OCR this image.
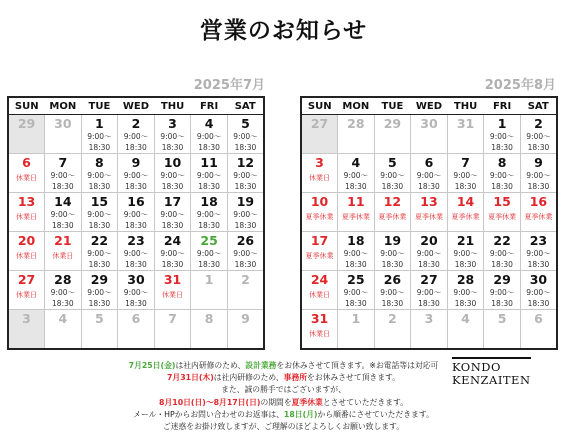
営業のお知らせ
2025年7月	2025年8月
SUN	MON	TUE	WED	THU	FRI	SAT

29	30	1
9:00〜
18:30	2
9:00〜
18:30	3
9:00〜
18:30	4
9:00〜
18:30	5
9:00〜
18:30

6
休業日	7
9:00〜
18:30	8
9:00〜
18:30	9
9:00〜
18:30	10
9:00〜
18:30	11
9:00〜
18:30	12
9:00〜
18:30

13
休業日	14
9:00〜
18:30	15
9:00〜
18:30	16
9:00〜
18:30	17
9:00〜
18:30	18
9:00〜
18:30	19
9:00〜
18:30

20
休業日	21
休業日	22
9:00〜
18:30	23
9:00〜
18:30	24
9:00〜
18:30	25
9:00〜
18:30	26
9:00〜
18:30

27
休業日	28
9:00〜
18:30	29
9:00〜
18:30	30
9:00〜
18:30	31
休業日	1	2

3	4	5	6	7	8	9
SUN	MON	TUE	WED	THU	FRI	SAT

27	28	29	30	31	1
9:00〜
18:30	2
9:00〜
18:30

3
休業日	4
9:00〜
18:30	5
9:00〜
18:30	6
9:00〜
18:30	7
9:00〜
18:30	8
9:00〜
18:30	9
9:00〜
18:30

10
夏季休業	11
夏季休業	12
夏季休業	13
夏季休業	14
夏季休業	15
夏季休業	16
夏季休業

17
夏季休業	18
9:00〜
18:30	19
9:00〜
18:30	20
9:00〜
18:30	21
9:00〜
18:30	22
9:00〜
18:30	23
9:00〜
18:30

24
休業日	25
9:00〜
18:30	26
9:00〜
18:30	27
9:00〜
18:30	28
9:00〜
18:30	29
9:00〜
18:30	30
9:00〜
18:30

31
休業日	1	2	3	4	5	6
7月25日(金)は社内研修のため、設計業務をお休みさせて頂きます。※お電話等は対応可
7月31日(木)は社内研修のため、事務所をお休みさせて頂きます。
また、誠の勝手ではございますが、
8月10日(日)〜8月17日(日)の期間を夏季休業とさせていただきます。
メール・HPからお問い合わせのお返事は、18日(月)から順番にさせていただきます。
ご迷惑をお掛け致しますが、ご理解のほどよろしくお願い致します。
KONDO
KENZAITEN
